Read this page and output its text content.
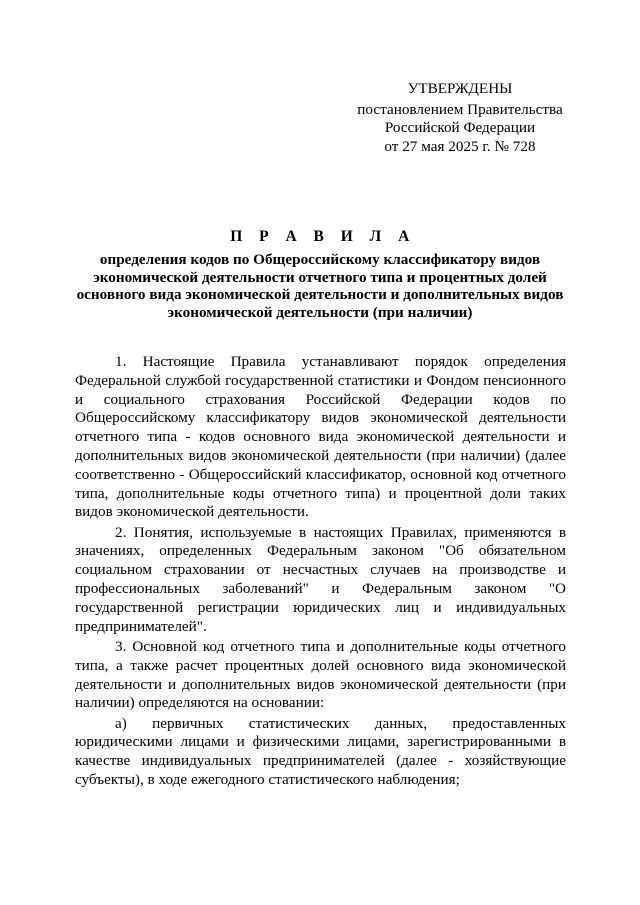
УТВЕРЖДЕНЫ
постановлением Правительства
Российской Федерации
от 27 мая 2025 г. № 728
П Р А В И Л А
определения кодов по Общероссийскому классификатору видов
экономической деятельности отчетного типа и процентных долей
основного вида экономической деятельности и дополнительных видов
экономической деятельности (при наличии)

1. Настоящие Правила устанавливают порядок определения Федеральной службой государственной статистики и Фондом пенсионного и социального страхования Российской Федерации кодов по Общероссийскому классификатору видов экономической деятельности отчетного типа - кодов основного вида экономической деятельности и дополнительных видов экономической деятельности (при наличии) (далее соответственно - Общероссийский классификатор, основной код отчетного типа, дополнительные коды отчетного типа) и процентной доли таких видов экономической деятельности.

2. Понятия, используемые в настоящих Правилах, применяются в значениях, определенных Федеральным законом "Об обязательном социальном страховании от несчастных случаев на производстве и профессиональных заболеваний" и Федеральным законом "О государственной регистрации юридических лиц и индивидуальных предпринимателей".

3. Основной код отчетного типа и дополнительные коды отчетного типа, а также расчет процентных долей основного вида экономической деятельности и дополнительных видов экономической деятельности (при наличии) определяются на основании:

а) первичных статистических данных, предоставленных юридическими лицами и физическими лицами, зарегистрированными в качестве индивидуальных предпринимателей (далее - хозяйствующие субъекты), в ходе ежегодного статистического наблюдения;
